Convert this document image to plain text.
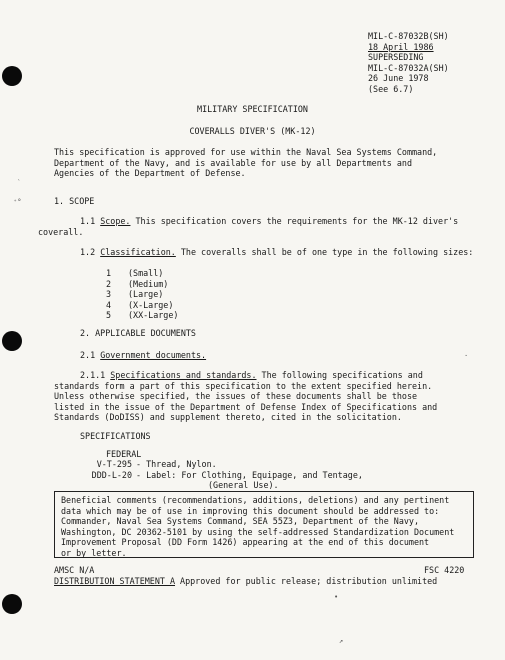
ˋ
⁺°
•
↗
·
MIL-C-87032B(SH)
18 April 1986
SUPERSEDING
MIL-C-87032A(SH)
26 June 1978
(See 6.7)
MILITARY SPECIFICATION
COVERALLS DIVER'S (MK-12)
This specification is approved for use within the Naval Sea Systems Command,
Department of the Navy, and is available for use by all Departments and
Agencies of the Department of Defense.
1. SCOPE
1.1 Scope. This specification covers the requirements for the MK-12 diver's
coverall.
1.2 Classification. The coveralls shall be of one type in the following sizes:
1 (Small)
2 (Medium)
3 (Large)
4 (X-Large)
5 (XX-Large)
2. APPLICABLE DOCUMENTS
2.1 Government documents.
2.1.1 Specifications and standards. The following specifications and
standards form a part of this specification to the extent specified herein.
Unless otherwise specified, the issues of these documents shall be those
listed in the issue of the Department of Defense Index of Specifications and
Standards (DoDISS) and supplement thereto, cited in the solicitation.
SPECIFICATIONS
FEDERAL
V-T-295 - Thread, Nylon.
DDD-L-20 - Label: For Clothing, Equipage, and Tentage,
(General Use).
Beneficial comments (recommendations, additions, deletions) and any pertinent
data which may be of use in improving this document should be addressed to:
Commander, Naval Sea Systems Command, SEA 55Z3, Department of the Navy,
Washington, DC 20362-5101 by using the self-addressed Standardization Document
Improvement Proposal (DD Form 1426) appearing at the end of this document
or by letter.
AMSC N/A	FSC 4220
DISTRIBUTION STATEMENT A Approved for public release; distribution unlimited
